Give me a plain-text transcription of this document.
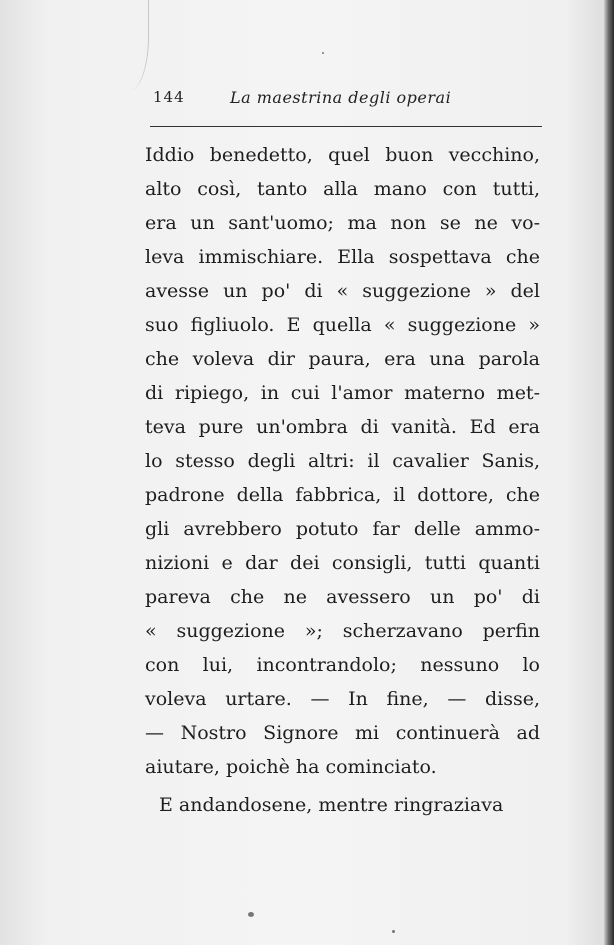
144	La maestrina degli operai
Iddio benedetto, quel buon vecchino,
alto così, tanto alla mano con tutti,
era un sant'uomo; ma non se ne vo-
leva immischiare. Ella sospettava che
avesse un po' di « suggezione » del
suo figliuolo. E quella « suggezione »
che voleva dir paura, era una parola
di ripiego, in cui l'amor materno met-
teva pure un'ombra di vanità. Ed era
lo stesso degli altri: il cavalier Sanis,
padrone della fabbrica, il dottore, che
gli avrebbero potuto far delle ammo-
nizioni e dar dei consigli, tutti quanti
pareva che ne avessero un po' di
« suggezione »; scherzavano perfin
con lui, incontrandolo; nessuno lo
voleva urtare. — In fine, — disse,
— Nostro Signore mi continuerà ad
aiutare, poichè ha cominciato.
E andandosene, mentre ringraziava
